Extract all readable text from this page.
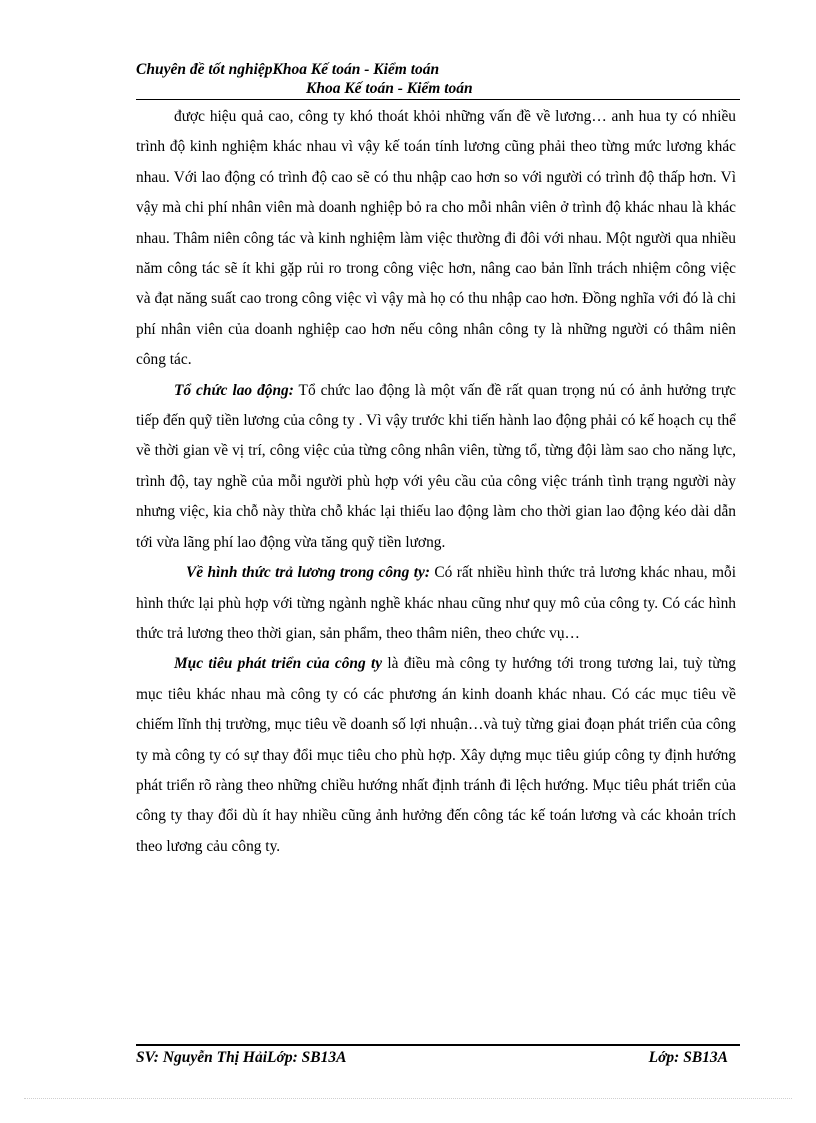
Chuyên đề tốt nghiệpKhoa Kế toán - Kiểm toán
Khoa Kế toán - Kiểm toán

được hiệu quả cao, công ty khó thoát khỏi những vấn đề về lương… anh hua ty có nhiều trình độ kinh nghiệm khác nhau vì vậy kế toán tính lương cũng phải theo từng mức lương khác nhau. Với lao động có trình độ cao sẽ có thu nhập cao hơn so với người có trình độ thấp hơn. Vì vậy mà chi phí nhân viên mà doanh nghiệp bỏ ra cho mỗi nhân viên ở trình độ khác nhau là khác nhau. Thâm niên công tác và kinh nghiệm làm việc thường đi đôi với nhau. Một người qua nhiều năm công tác sẽ ít khi gặp rủi ro trong công việc hơn, nâng cao bản lĩnh trách nhiệm công việc và đạt năng suất cao trong công việc vì vậy mà họ có thu nhập cao hơn. Đồng nghĩa với đó là chi phí nhân viên của doanh nghiệp cao hơn nếu công nhân công ty là những người có thâm niên công tác.

Tổ chức lao động: Tổ chức lao động là một vấn đề rất quan trọng nú có ảnh hưởng trực tiếp đến quỹ tiền lương của công ty . Vì vậy trước khi tiến hành lao động phải có kế hoạch cụ thể về thời gian về vị trí, công việc của từng công nhân viên, từng tổ, từng đội làm sao cho năng lực, trình độ, tay nghề của mỗi người phù hợp với yêu cầu của công việc tránh tình trạng người này nhưng việc, kia chỗ này thừa chỗ khác lại thiếu lao động làm cho thời gian lao động kéo dài dẫn tới vừa lãng phí lao động vừa tăng quỹ tiền lương.

Về hình thức trả lương trong công ty: Có rất nhiều hình thức trả lương khác nhau, mỗi hình thức lại phù hợp với từng ngành nghề khác nhau cũng như quy mô của công ty. Có các hình thức trả lương theo thời gian, sản phẩm, theo thâm niên, theo chức vụ…

Mục tiêu phát triển của công ty là điều mà công ty hướng tới trong tương lai, tuỳ từng mục tiêu khác nhau mà công ty có các phương án kinh doanh khác nhau. Có các mục tiêu về chiếm lĩnh thị trường, mục tiêu về doanh số lợi nhuận…và tuỳ từng giai đoạn phát triển của công ty mà công ty có sự thay đổi mục tiêu cho phù hợp. Xây dựng mục tiêu giúp công ty định hướng phát triển rõ ràng theo những chiều hướng nhất định tránh đi lệch hướng. Mục tiêu phát triển của công ty thay đổi dù ít hay nhiều cũng ảnh hưởng đến công tác kế toán lương và các khoản trích theo lương cảu công ty.

SV: Nguyễn Thị HảiLớp: SB13A	Lớp: SB13A
